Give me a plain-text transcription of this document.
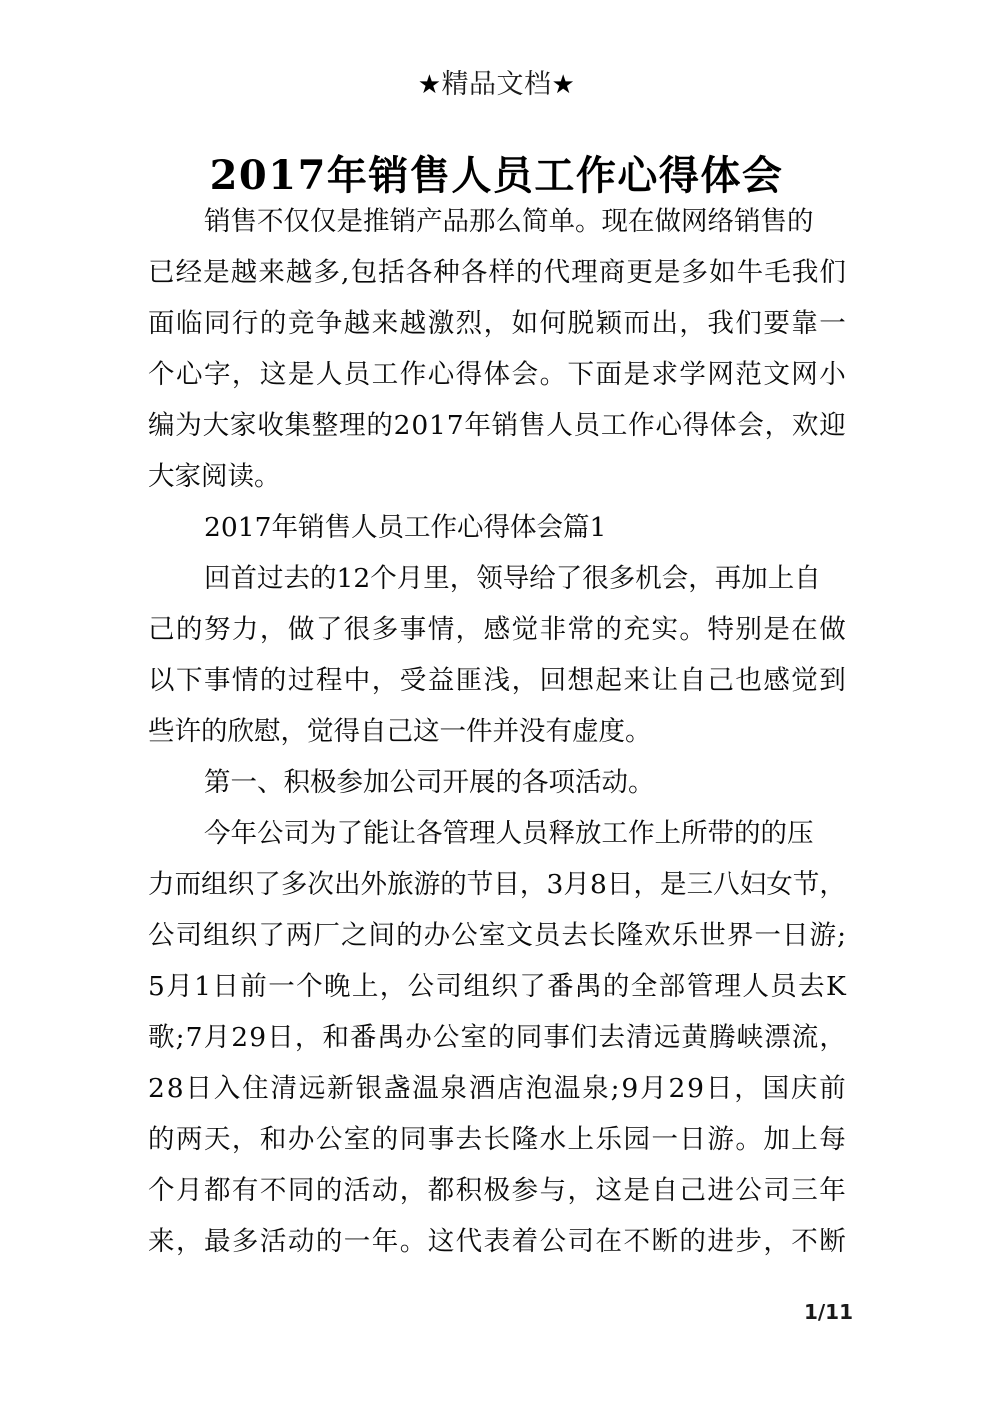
★精品文档★
2017年销售人员工作心得体会
销售不仅仅是推销产品那么简单。现在做网络销售的
已 经 是 越 来 越 多 , 包 括 各 种 各 样 的 代 理 商 更 是 多 如 牛 毛 我 们
面 临 同 行 的 竞 争 越 来 越 激 烈 ， 如 何 脱 颖 而 出 ， 我 们 要 靠 一
个 心 字 ， 这 是 人 员 工 作 心 得 体 会 。 下 面 是 求 学 网 范 文 网 小
编 为 大 家 收 集 整 理 的 2 0 1 7 年 销 售 人 员 工 作 心 得 体 会 ， 欢 迎
大家阅读。
2017年销售人员工作心得体会篇1
回首过去的12个月里，领导给了很多机会，再加上自
己 的 努 力 ， 做 了 很 多 事 情 ， 感 觉 非 常 的 充 实 。 特 别 是 在 做
以 下 事 情 的 过 程 中 ， 受 益 匪 浅 ， 回 想 起 来 让 自 己 也 感 觉 到
些许的欣慰，觉得自己这一件并没有虚度。
第一、积极参加公司开展的各项活动。
今年公司为了能让各管理人员释放工作上所带的的压
力 而 组 织 了 多 次 出 外 旅 游 的 节 目 ， 3 月 8 日 ， 是 三 八 妇 女 节 ，
公 司 组 织 了 两 厂 之 间 的 办 公 室 文 员 去 长 隆 欢 乐 世 界 一 日 游 ;
5 月 1 日 前 一 个 晚 上 ， 公 司 组 织 了 番 禺 的 全 部 管 理 人 员 去 K
歌 ; 7 月 2 9 日 ， 和 番 禺 办 公 室 的 同 事 们 去 清 远 黄 腾 峡 漂 流 ，
2 8 日 入 住 清 远 新 银 盏 温 泉 酒 店 泡 温 泉 ; 9 月 2 9 日 ， 国 庆 前
的 两 天 ， 和 办 公 室 的 同 事 去 长 隆 水 上 乐 园 一 日 游 。 加 上 每
个 月 都 有 不 同 的 活 动 ， 都 积 极 参 与 ， 这 是 自 己 进 公 司 三 年
来 ， 最 多 活 动 的 一 年 。 这 代 表 着 公 司 在 不 断 的 进 步 ， 不 断
1/11
